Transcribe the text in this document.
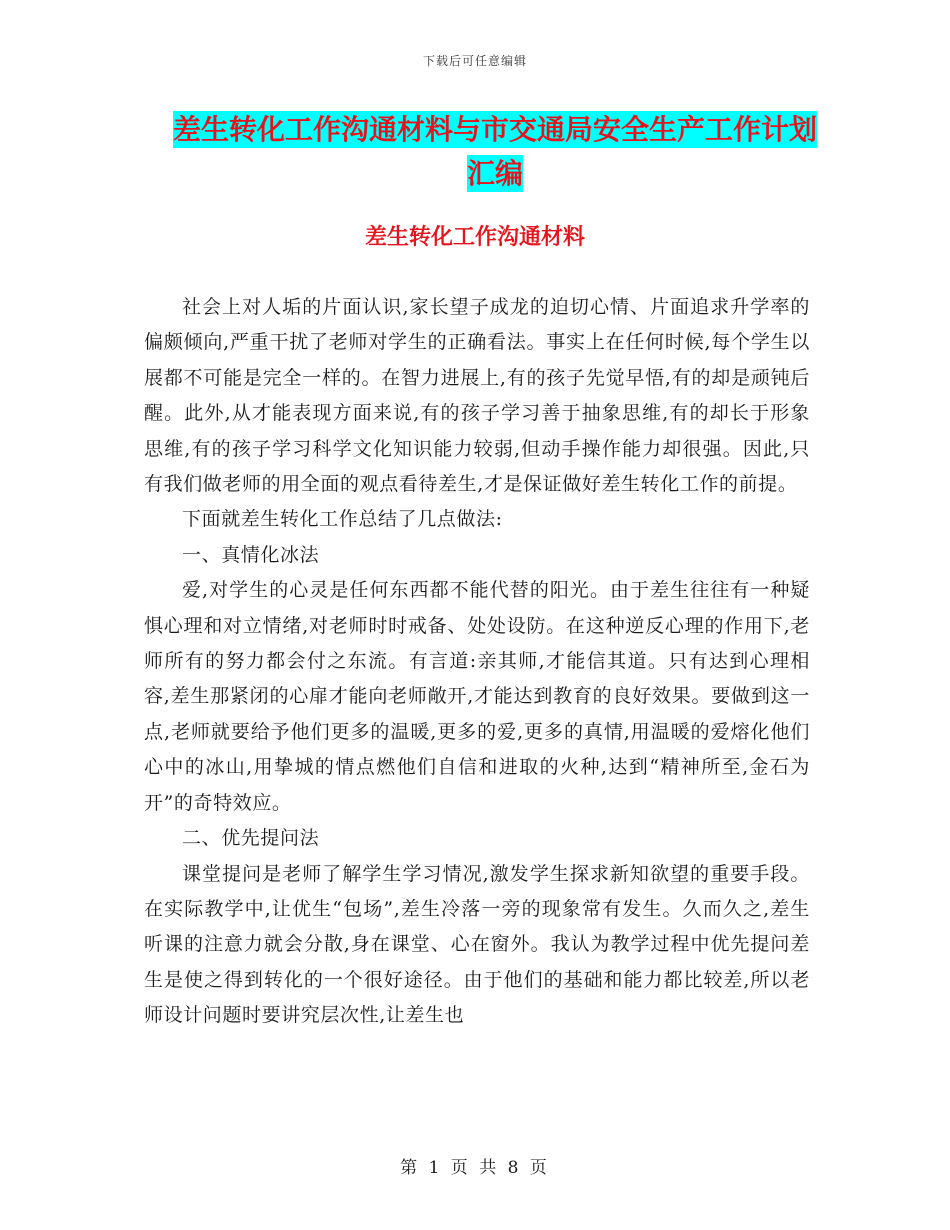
下载后可任意编辑
差生转化工作沟通材料与市交通局安全生产工作计划
汇编
差生转化工作沟通材料

社会上对人垢的片面认识,家长望子成龙的迫切心情、片面追求升学率的偏颇倾向,严重干扰了老师对学生的正确看法。事实上在任何时候,每个学生以展都不可能是完全一样的。在智力进展上,有的孩子先觉早悟,有的却是顽钝后醒。此外,从才能表现方面来说,有的孩子学习善于抽象思维,有的却长于形象思维,有的孩子学习科学文化知识能力较弱,但动手操作能力却很强。因此,只有我们做老师的用全面的观点看待差生,才是保证做好差生转化工作的前提。

下面就差生转化工作总结了几点做法:

一、真情化冰法

爱,对学生的心灵是任何东西都不能代替的阳光。由于差生往往有一种疑惧心理和对立情绪,对老师时时戒备、处处设防。在这种逆反心理的作用下,老师所有的努力都会付之东流。有言道:亲其师,才能信其道。只有达到心理相容,差生那紧闭的心扉才能向老师敞开,才能达到教育的良好效果。要做到这一点,老师就要给予他们更多的温暖,更多的爱,更多的真情,用温暖的爱熔化他们心中的冰山,用挚城的情点燃他们自信和进取的火种,达到“精神所至,金石为开”的奇特效应。

二、优先提问法

课堂提问是老师了解学生学习情况,激发学生探求新知欲望的重要手段。在实际教学中,让优生“包场”,差生冷落一旁的现象常有发生。久而久之,差生听课的注意力就会分散,身在课堂、心在窗外。我认为教学过程中优先提问差生是使之得到转化的一个很好途径。由于他们的基础和能力都比较差,所以老师设计问题时要讲究层次性,让差生也

第 1 页 共 8 页
